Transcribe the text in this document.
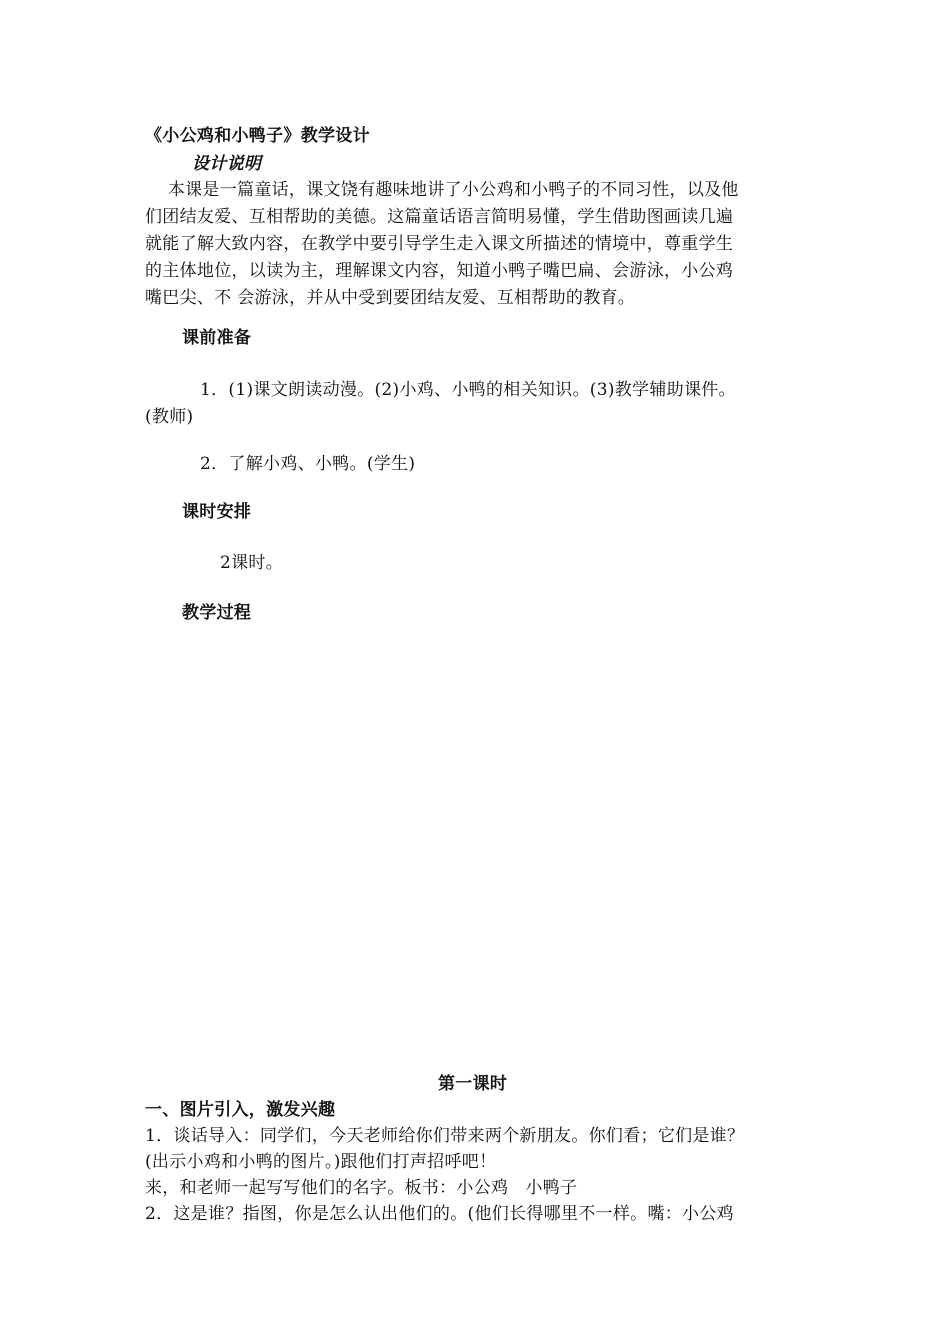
《小公鸡和小鸭子》教学设计
设计说明
本课是一篇童话，课文饶有趣味地讲了小公鸡和小鸭子的不同习性，以及他
们团结友爱、互相帮助的美德。这篇童话语言简明易懂，学生借助图画读几遍
就能了解大致内容，在教学中要引导学生走入课文所描述的情境中，尊重学生
的主体地位，以读为主，理解课文内容，知道小鸭子嘴巴扁、会游泳，小公鸡
嘴巴尖、不 会游泳，并从中受到要团结友爱、互相帮助的教育。
课前准备
1．(1)课文朗读动漫。(2)小鸡、小鸭的相关知识。(3)教学辅助课件。
(教师)
2．了解小鸡、小鸭。(学生)
课时安排
2课时。
教学过程
第一课时
一、图片引入，激发兴趣
1．谈话导入：同学们，今天老师给你们带来两个新朋友。你们看；它们是谁？
(出示小鸡和小鸭的图片。)跟他们打声招呼吧！
来，和老师一起写写他们的名字。板书：小公鸡   小鸭子
2．这是谁？指图，你是怎么认出他们的。(他们长得哪里不一样。嘴：小公鸡
